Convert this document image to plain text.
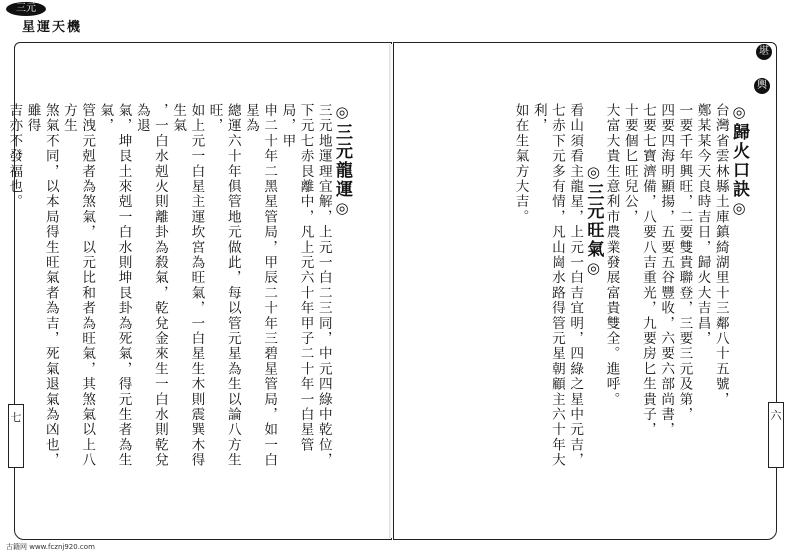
三元
星運天機

◎三元龍運◎

三元地運理宜解，上元一白二三同，中元四綠中乾位，

下元七赤艮離中，凡上元六十年甲子二十年一白星管局，甲

申二十年二黑星管局，甲辰二十年三碧星管局，如一白星為

總運六十年俱管地元做此，每以管元星為生以論八方生旺，

如上元一白星主運坎宮為旺氣，一白星生木則震巽木得生氣

，一白水剋火則離卦為殺氣，乾兌金來生一白水則乾兌為退

氣，坤艮土來剋一白水則坤艮卦為死氣，得元生者為生氣，

管洩元剋者為煞氣，以元比和者為旺氣，其煞氣以上八方生

煞氣不同，以本局得生旺氣者為吉，死氣退氣為凶也，雖得

吉亦不發福也。	◎歸火口訣◎

台灣省雲林縣土庫鎮綺湖里十三鄰八十五號，

鄭某某今天良時吉日，歸火大吉昌，

一要千年興旺，二要雙貴聯登，三要三元及第，

四要四海明顯揚，五要五谷豐收，六要六部尚書，

七要七寶濟備，八要八吉重光，九要房匕生貴子，

十要個匕旺兒公，

大富大貴生意利市農業發展富貴雙全。進呼。

◎三元旺氣◎

看山須看主龍星，上元一白吉宜明，四綠之星中元吉，

七赤下元多有情，凡山崗水路得管元星朝顧主六十年大利，

如在生氣方大吉。

堪
輿
七	六
古籍网 www.fcznj920.com
